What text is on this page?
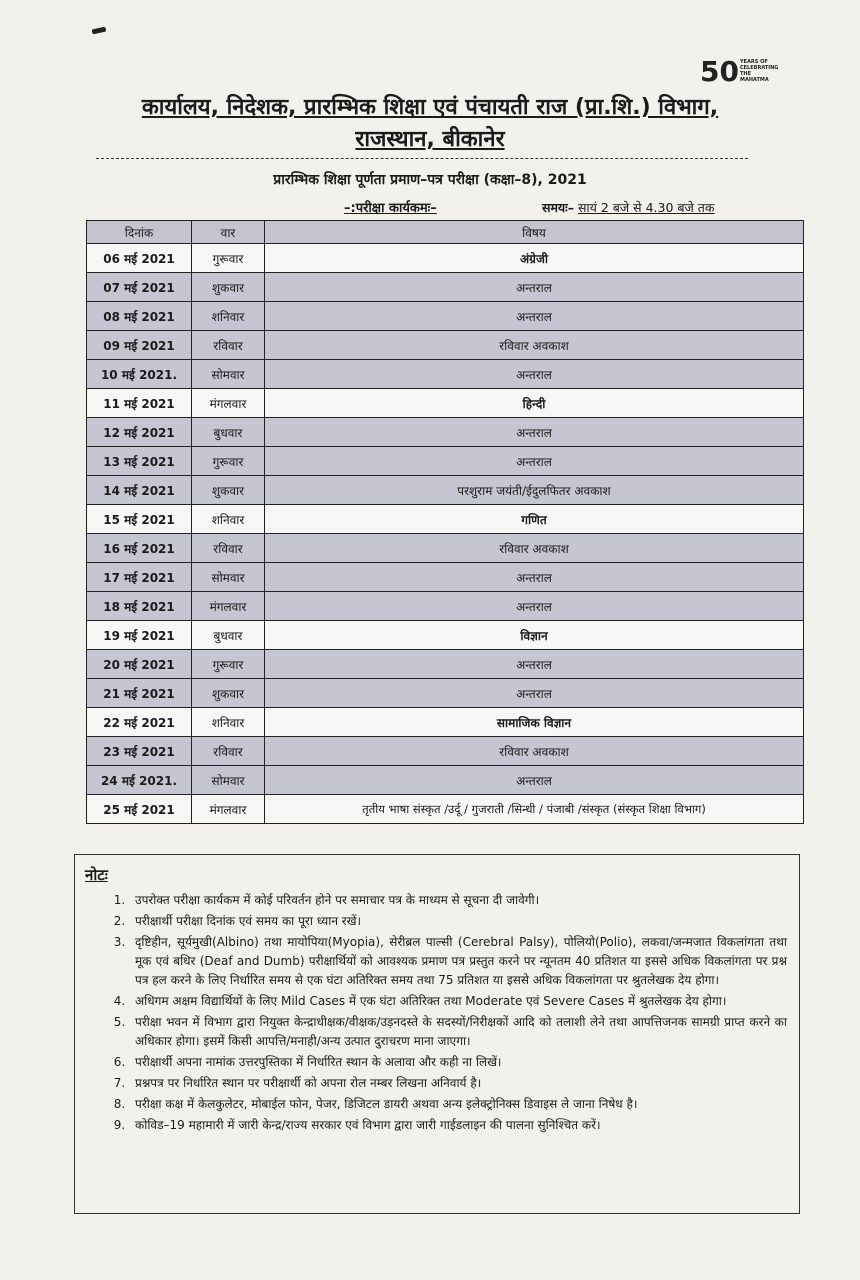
50 YEARS OF CELEBRATING THE MAHATMA
कार्यालय, निदेशक, प्रारम्भिक शिक्षा एवं पंचायती राज (प्रा.शि.) विभाग,
राजस्थान, बीकानेर
प्रारम्भिक शिक्षा पूर्णता प्रमाण–पत्र परीक्षा (कक्षा–8), 2021
–:परीक्षा कार्यकमः–	समयः– सायं 2 बजे से 4.30 बजे तक
दिनांक	वार	विषय
06 मई 2021	गुरूवार	अंग्रेजी
07 मई 2021	शुकवार	अन्तराल
08 मई 2021	शनिवार	अन्तराल
09 मई 2021	रविवार	रविवार अवकाश
10 मई 2021.	सोमवार	अन्तराल
11 मई 2021	मंगलवार	हिन्दी
12 मई 2021	बुधवार	अन्तराल
13 मई 2021	गुरूवार	अन्तराल
14 मई 2021	शुकवार	परशुराम जयंती/ईदुलफितर अवकाश
15 मई 2021	शनिवार	गणित
16 मई 2021	रविवार	रविवार अवकाश
17 मई 2021	सोमवार	अन्तराल
18 मई 2021	मंगलवार	अन्तराल
19 मई 2021	बुधवार	विज्ञान
20 मई 2021	गुरूवार	अन्तराल
21 मई 2021	शुकवार	अन्तराल
22 मई 2021	शनिवार	सामाजिक विज्ञान
23 मई 2021	रविवार	रविवार अवकाश
24 मई 2021.	सोमवार	अन्तराल
25 मई 2021	मंगलवार	तृतीय भाषा संस्कृत /उर्दू / गुजराती /सिन्धी / पंजाबी /संस्कृत (संस्कृत शिक्षा विभाग)
नोटः
1. उपरोक्त परीक्षा कार्यकम में कोई परिवर्तन होने पर समाचार पत्र के माध्यम से सूचना दी जावेगी।
2. परीक्षार्थी परीक्षा दिनांक एवं समय का पूरा ध्यान रखें।
3. दृष्टिहीन, सूर्यमुखी(Albino) तथा मायोपिया(Myopia), सेरीब्रल पाल्सी (Cerebral Palsy), पोलियो(Polio), लकवा/जन्मजात विकलांगता तथा मूक एवं बधिर (Deaf and Dumb) परीक्षार्थियों को आवश्यक प्रमाण पत्र प्रस्तुत करने पर न्यूनतम 40 प्रतिशत या इससे अधिक विकलांगता पर प्रश्न पत्र हल करने के लिए निर्धारित समय से एक घंटा अतिरिक्त समय तथा 75 प्रतिशत या इससे अधिक विकलांगता पर श्रुतलेखक देय होगा।
4. अधिगम अक्षम विद्यार्थियों के लिए Mild Cases में एक घंटा अतिरिक्त तथा Moderate एवं Severe Cases में श्रुतलेखक देय होगा।
5. परीक्षा भवन में विभाग द्वारा नियुक्त केन्द्राधीक्षक/वीक्षक/उड़नदस्ते के सदस्यों/निरीक्षकों आदि को तलाशी लेने तथा आपत्तिजनक सामग्री प्राप्त करने का अधिकार होगा। इसमें किसी आपत्ति/मनाही/अन्य उत्पात दुराचरण माना जाएगा।
6. परीक्षार्थी अपना नामांक उत्तरपुस्तिका में निर्धारित स्थान के अलावा और कही ना लिखें।
7. प्रश्नपत्र पर निर्धारित स्थान पर परीक्षार्थी को अपना रोल नम्बर लिखना अनिवार्य है।
8. परीक्षा कक्ष में केलकुलेटर, मोबाईल फोन, पेजर, डिजिटल डायरी अथवा अन्य इलेक्ट्रोनिक्स डिवाइस ले जाना निषेध है।
9. कोविड–19 महामारी में जारी केन्द्र/राज्य सरकार एवं विभाग द्वारा जारी गाईडलाइन की पालना सुनिश्चित करें।
